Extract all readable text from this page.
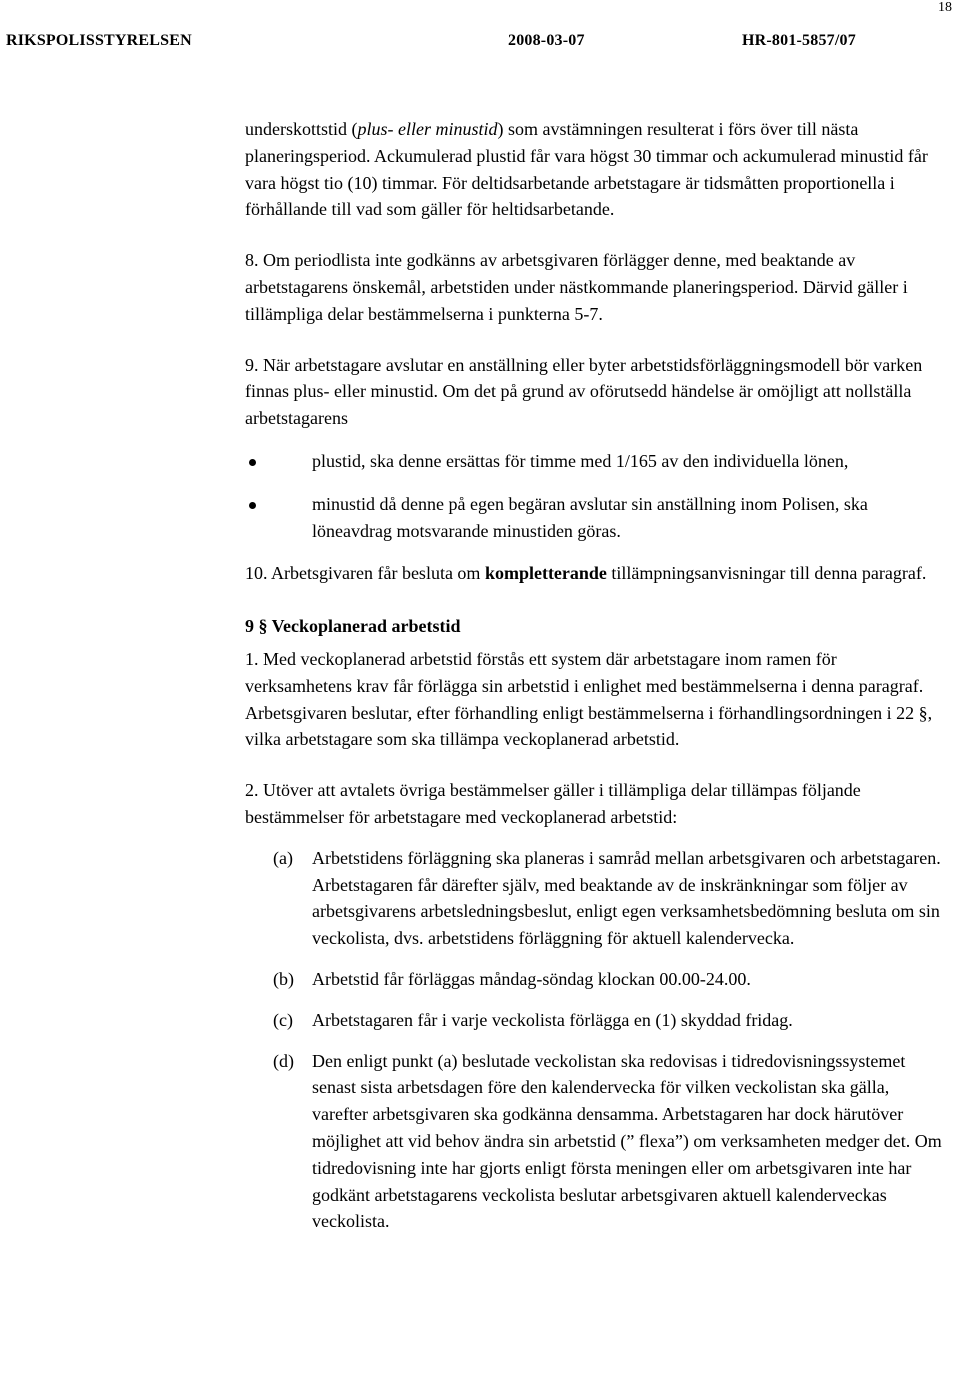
RIKSPOLISSTYRELSEN	2008-03-07	HR-801-5857/07
18

underskottstid (plus- eller minustid) som avstämningen resulterat i förs över till nästa planeringsperiod. Ackumulerad plustid får vara högst 30 timmar och ackumulerad minustid får vara högst tio (10) timmar. För deltidsarbetande arbetstagare är tidsmåtten proportionella i förhållande till vad som gäller för heltidsarbetande.

8. Om periodlista inte godkänns av arbetsgivaren förlägger denne, med beaktande av arbetstagarens önskemål, arbetstiden under nästkommande planeringsperiod. Därvid gäller i tillämpliga delar bestämmelserna i punkterna 5-7.

9. När arbetstagare avslutar en anställning eller byter arbetstidsförläggningsmodell bör varken finnas plus- eller minustid. Om det på grund av oförutsedd händelse är omöjligt att nollställa arbetstagarens

plustid, ska denne ersättas för timme med 1/165 av den individuella lönen,
minustid då denne på egen begäran avslutar sin anställning inom Polisen, ska löneavdrag motsvarande minustiden göras.

10. Arbetsgivaren får besluta om kompletterande tillämpningsanvisningar till denna paragraf.

9 § Veckoplanerad arbetstid

1. Med veckoplanerad arbetstid förstås ett system där arbetstagare inom ramen för verksamhetens krav får förlägga sin arbetstid i enlighet med bestämmelserna i denna paragraf. Arbetsgivaren beslutar, efter förhandling enligt bestämmelserna i förhandlingsordningen i 22 §, vilka arbetstagare som ska tillämpa veckoplanerad arbetstid.

2. Utöver att avtalets övriga bestämmelser gäller i tillämpliga delar tillämpas följande bestämmelser för arbetstagare med veckoplanerad arbetstid:

(a) Arbetstidens förläggning ska planeras i samråd mellan arbetsgivaren och arbetstagaren. Arbetstagaren får därefter själv, med beaktande av de inskränkningar som följer av arbetsgivarens arbetsledningsbeslut, enligt egen verksamhetsbedömning besluta om sin veckolista, dvs. arbetstidens förläggning för aktuell kalendervecka.
(b) Arbetstid får förläggas måndag-söndag klockan 00.00-24.00.
(c) Arbetstagaren får i varje veckolista förlägga en (1) skyddad fridag.
(d) Den enligt punkt (a) beslutade veckolistan ska redovisas i tidredovisningssystemet senast sista arbetsdagen före den kalendervecka för vilken veckolistan ska gälla, varefter arbetsgivaren ska godkänna densamma. Arbetstagaren har dock härutöver möjlighet att vid behov ändra sin arbetstid (” flexa”) om verksamheten medger det. Om tidredovisning inte har gjorts enligt första meningen eller om arbetsgivaren inte har godkänt arbetstagarens veckolista beslutar arbetsgivaren aktuell kalenderveckas veckolista.
